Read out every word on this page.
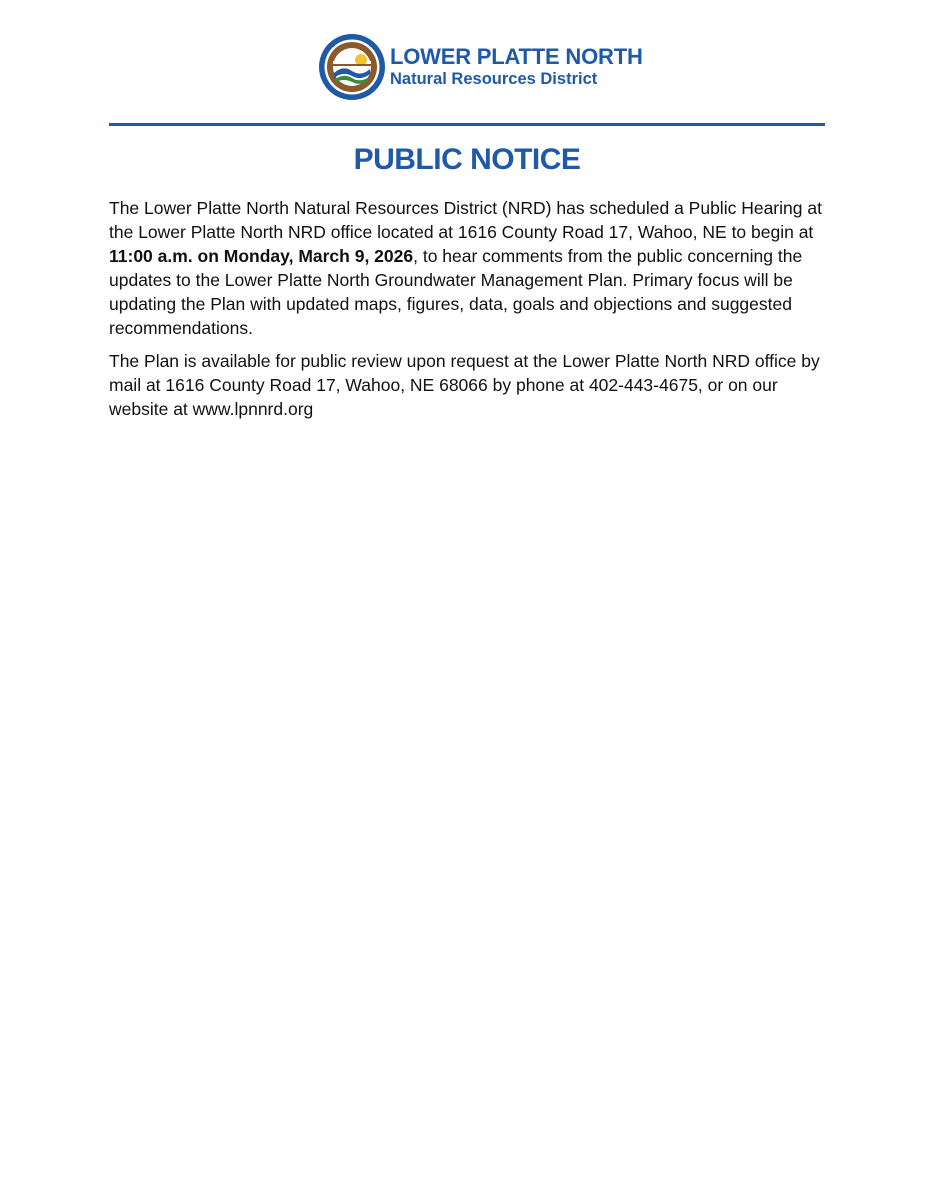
LOWER PLATTE NORTH
Natural Resources District
PUBLIC NOTICE

The Lower Platte North Natural Resources District (NRD) has scheduled a Public Hearing at the Lower Platte North NRD office located at 1616 County Road 17, Wahoo, NE to begin at 11:00 a.m. on Monday, March 9, 2026, to hear comments from the public concerning the updates to the Lower Platte North Groundwater Management Plan. Primary focus will be updating the Plan with updated maps, figures, data, goals and objections and suggested recommendations.

The Plan is available for public review upon request at the Lower Platte North NRD office by mail at 1616 County Road 17, Wahoo, NE 68066 by phone at 402-443-4675, or on our website at www.lpnnrd.org
